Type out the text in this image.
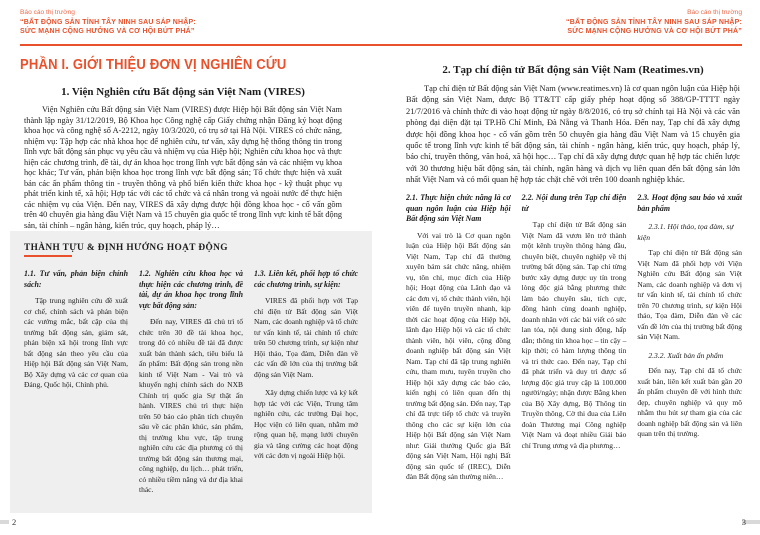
Báo cáo thị trường
“BẤT ĐỘNG SẢN TỈNH TÂY NINH SAU SÁP NHẬP:
SỨC MẠNH CỘNG HƯỞNG VÀ CƠ HỘI BỨT PHÁ”
Báo cáo thị trường
“BẤT ĐỘNG SẢN TỈNH TÂY NINH SAU SÁP NHẬP:
SỨC MẠNH CỘNG HƯỞNG VÀ CƠ HỘI BỨT PHÁ”
PHẦN I. GIỚI THIỆU ĐƠN VỊ NGHIÊN CỨU
1. Viện Nghiên cứu Bất động sản Việt Nam (VIRES)

Viện Nghiên cứu Bất động sản Việt Nam (VIRES) được Hiệp hội Bất động sản Việt Nam thành lập ngày 31/12/2019, Bộ Khoa học Công nghệ cấp Giấy chứng nhận Đăng ký hoạt động khoa học và công nghệ số A-2212, ngày 10/3/2020, có trụ sở tại Hà Nội. VIRES có chức năng, nhiệm vụ: Tập hợp các nhà khoa học để nghiên cứu, tư vấn, xây dựng hệ thống thông tin trong lĩnh vực bất động sản phục vụ yêu cầu và nhiệm vụ của Hiệp hội; Nghiên cứu khoa học và thực hiện các chương trình, đề tài, dự án khoa học trong lĩnh vực bất động sản và các nhiệm vụ khoa học khác; Tư vấn, phản biện khoa học trong lĩnh vực bất động sản; Tổ chức thực hiện và xuất bản các ấn phẩm thông tin - truyền thông và phổ biến kiến thức khoa học - kỹ thuật phục vụ phát triển kinh tế, xã hội; Hợp tác với các tổ chức và cá nhân trong và ngoài nước để thực hiện các nhiệm vụ của Viện. Đến nay, VIRES đã xây dựng được hội đồng khoa học - cố vấn gồm trên 40 chuyên gia hàng đầu Việt Nam và 15 chuyên gia quốc tế trong lĩnh vực kinh tế bất động sản, tài chính – ngân hàng, kiến trúc, quy hoạch, pháp lý…

THÀNH TỰU & ĐỊNH HƯỚNG HOẠT ĐỘNG
1.1. Tư vấn, phản biện chính sách:

Tập trung nghiên cứu đề xuất cơ chế, chính sách và phản biện các vướng mắc, bất cập của thị trường bất động sản, giám sát, phản biện xã hội trong lĩnh vực bất động sản theo yêu cầu của Hiệp hội Bất động sản Việt Nam, Bộ Xây dựng và các cơ quan của Đảng, Quốc hội, Chính phủ.

1.2. Nghiên cứu khoa học và thực hiện các chương trình, đề tài, dự án khoa học trong lĩnh vực bất động sản:

Đến nay, VIRES đã chủ trì tổ chức trên 30 đề tài khoa học, trong đó có nhiều đề tài đã được xuất bản thành sách, tiêu biểu là ấn phẩm: Bất động sản trong nền kinh tế Việt Nam - Vai trò và khuyến nghị chính sách do NXB Chính trị quốc gia Sự thật ấn hành. VIRES chủ trì thực hiện trên 50 báo cáo phân tích chuyên sâu về các phân khúc, sản phẩm, thị trường khu vực, tập trung nghiên cứu các địa phương có thị trường bất động sản thương mại, công nghiệp, du lịch… phát triển, có nhiều tiềm năng và dư địa khai thác.

1.3. Liên kết, phối hợp tổ chức các chương trình, sự kiện:

VIRES đã phối hợp với Tạp chí điện tử Bất động sản Việt Nam, các doanh nghiệp và tổ chức tư vấn kinh tế, tài chính tổ chức trên 50 chương trình, sự kiện như Hội thảo, Tọa đàm, Diễn đàn về các vấn đề lớn của thị trường bất động sản Việt Nam.

Xây dựng chiến lược và ký kết hợp tác với các Viện, Trung tâm nghiên cứu, các trường Đại học, Học viện có liên quan, nhằm mở rộng quan hệ, mạng lưới chuyên gia và tăng cường các hoạt động với các đơn vị ngoài Hiệp hội.

2. Tạp chí điện tử Bất động sản Việt Nam (Reatimes.vn)

Tạp chí điện tử Bất động sản Việt Nam (www.reatimes.vn) là cơ quan ngôn luận của Hiệp hội Bất động sản Việt Nam, được Bộ TT&TT cấp giấy phép hoạt động số 388/GP-TTTT ngày 21/7/2016 và chính thức đi vào hoạt động từ ngày 8/8/2016, có trụ sở chính tại Hà Nội và các văn phòng đại diện đặt tại TP.Hồ Chí Minh, Đà Nẵng và Thanh Hóa. Đến nay, Tạp chí đã xây dựng được hội đồng khoa học - cố vấn gồm trên 50 chuyên gia hàng đầu Việt Nam và 15 chuyên gia quốc tế trong lĩnh vực kinh tế bất động sản, tài chính - ngân hàng, kiến trúc, quy hoạch, pháp lý, báo chí, truyền thông, văn hoá, xã hội học… Tạp chí đã xây dựng được quan hệ hợp tác chiến lược với 30 thương hiệu bất động sản, tài chính, ngân hàng và dịch vụ liên quan đến bất động sản lớn nhất Việt Nam và có mối quan hệ hợp tác chặt chẽ với trên 100 doanh nghiệp khác.

2.1. Thực hiện chức năng là cơ quan ngôn luận của Hiệp hội Bất động sản Việt Nam

Với vai trò là Cơ quan ngôn luận của Hiệp hội Bất động sản Việt Nam, Tạp chí đã thường xuyên bám sát chức năng, nhiệm vụ, tôn chỉ, mục đích của Hiệp hội; Hoạt động của Lãnh đạo và các đơn vị, tổ chức thành viên, hội viên để tuyên truyền nhanh, kịp thời các hoạt động của Hiệp hội, lãnh đạo Hiệp hội và các tổ chức thành viên, hội viên, cộng đồng doanh nghiệp bất động sản Việt Nam. Tạp chí đã tập trung nghiên cứu, tham mưu, tuyên truyền cho Hiệp hội xây dựng các báo cáo, kiến nghị có liên quan đến thị trường bất động sản. Đến nay, Tạp chí đã trực tiếp tổ chức và truyền thông cho các sự kiện lớn của Hiệp hội Bất động sản Việt Nam như: Giải thưởng Quốc gia Bất động sản Việt Nam, Hội nghị Bất động sản quốc tế (IREC), Diễn đàn Bất động sản thường niên…

2.2. Nội dung trên Tạp chí điện tử

Tạp chí điện tử Bất động sản Việt Nam đã vươn lên trở thành một kênh truyền thông hàng đầu, chuyên biệt, chuyên nghiệp về thị trường bất động sản. Tạp chí từng bước xây dựng được uy tín trong lòng độc giả bằng phương thức làm báo chuyên sâu, tích cực, đồng hành cùng doanh nghiệp, doanh nhân với các bài viết có sức lan tỏa, nội dung sinh động, hấp dẫn; thông tin khoa học – tin cậy – kịp thời; có hàm lượng thông tin và tri thức cao. Đến nay, Tạp chí đã phát triển và duy trì được số lượng độc giả truy cập là 100.000 người/ngày; nhận được Bằng khen của Bộ Xây dựng, Bộ Thông tin Truyền thông, Cờ thi đua của Liên đoàn Thương mại Công nghiệp Việt Nam và đoạt nhiều Giải báo chí Trung ương và địa phương…

2.3. Hoạt động sau báo và xuất bản phẩm
2.3.1. Hội thảo, tọa đàm, sự kiện

Tạp chí điện tử Bất động sản Việt Nam đã phối hợp với Viện Nghiên cứu Bất động sản Việt Nam, các doanh nghiệp và đơn vị tư vấn kinh tế, tài chính tổ chức trên 70 chương trình, sự kiện Hội thảo, Tọa đàm, Diễn đàn về các vấn đề lớn của thị trường bất động sản Việt Nam.

2.3.2. Xuất bản ấn phẩm

Đến nay, Tạp chí đã tổ chức xuất bản, liên kết xuất bản gần 20 ấn phẩm chuyên đề với hình thức đẹp, chuyên nghiệp và quy mô nhằm thu hút sự tham gia của các doanh nghiệp bất động sản và liên quan trên thị trường.

2	3
